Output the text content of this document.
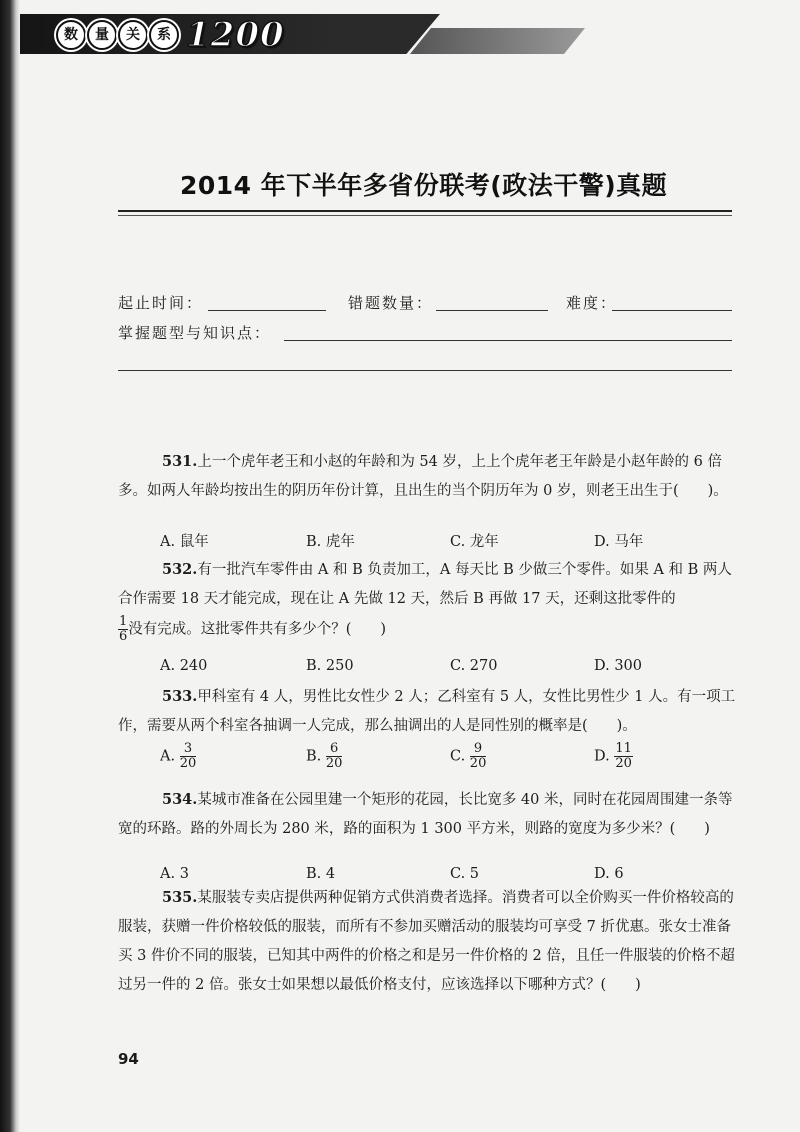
数	量	关	系 1200
2014 年下半年多省份联考(政法干警)真题
起止时间：	错题数量：	难度：
掌握题型与知识点：
531.上一个虎年老王和小赵的年龄和为 54 岁，上上个虎年老王年龄是小赵年龄的 6 倍多。如两人年龄均按出生的阴历年份计算，且出生的当个阴历年为 0 岁，则老王出生于(　　)。
A. 鼠年	B. 虎年	C. 龙年	D. 马年
532.有一批汽车零件由 A 和 B 负责加工，A 每天比 B 少做三个零件。如果 A 和 B 两人合作需要 18 天才能完成，现在让 A 先做 12 天，然后 B 再做 17 天，还剩这批零件的
$\frac{1}{6}$ 没有完成。这批零件共有多少个？(　　)
A. 240	B. 250	C. 270	D. 300
533.甲科室有 4 人，男性比女性少 2 人；乙科室有 5 人，女性比男性少 1 人。有一项工作，需要从两个科室各抽调一人完成，那么抽调出的人是同性别的概率是(　　)。
A. $\frac{3}{20}$	B. $\frac{6}{20}$	C. $\frac{9}{20}$	D. $\frac{11}{20}$
534.某城市准备在公园里建一个矩形的花园，长比宽多 40 米，同时在花园周围建一条等宽的环路。路的外周长为 280 米，路的面积为 1 300 平方米，则路的宽度为多少米？(　　)
A. 3	B. 4	C. 5	D. 6
535.某服装专卖店提供两种促销方式供消费者选择。消费者可以全价购买一件价格较高的服装，获赠一件价格较低的服装，而所有不参加买赠活动的服装均可享受 7 折优惠。张女士准备买 3 件价不同的服装，已知其中两件的价格之和是另一件价格的 2 倍，且任一件服装的价格不超过另一件的 2 倍。张女士如果想以最低价格支付，应该选择以下哪种方式？(　　)
94
